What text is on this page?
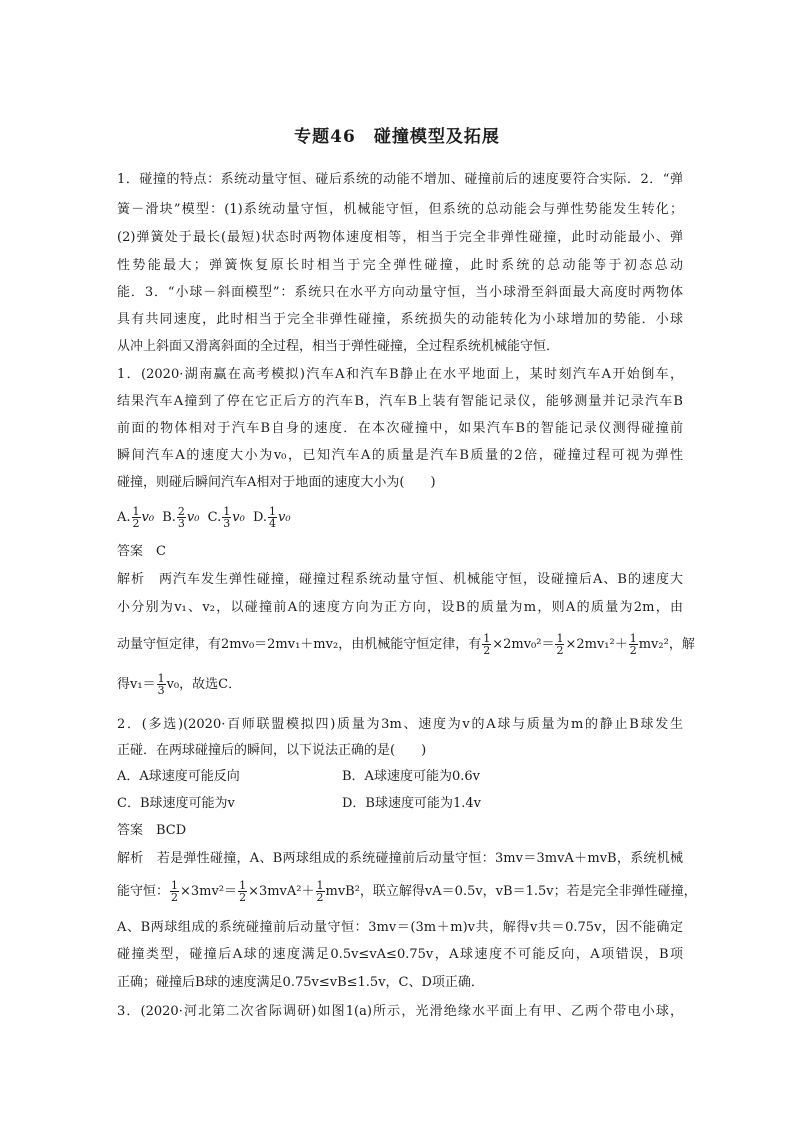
专题46　碰撞模型及拓展
1．碰撞的特点：系统动量守恒、碰后系统的动能不增加、碰撞前后的速度要符合实际．2．“弹
簧－滑块”模型：(1)系统动量守恒，机械能守恒，但系统的总动能会与弹性势能发生转化；
(2)弹簧处于最长(最短)状态时两物体速度相等，相当于完全非弹性碰撞，此时动能最小、弹
性势能最大；弹簧恢复原长时相当于完全弹性碰撞，此时系统的总动能等于初态总动
能．3．“小球－斜面模型”：系统只在水平方向动量守恒，当小球滑至斜面最大高度时两物体
具有共同速度，此时相当于完全非弹性碰撞，系统损失的动能转化为小球增加的势能．小球
从冲上斜面又滑离斜面的全过程，相当于弹性碰撞，全过程系统机械能守恒．
1．(2020·湖南赢在高考模拟)汽车A和汽车B静止在水平地面上，某时刻汽车A开始倒车，
结果汽车A撞到了停在它正后方的汽车B，汽车B上装有智能记录仪，能够测量并记录汽车B
前面的物体相对于汽车B自身的速度．在本次碰撞中，如果汽车B的智能记录仪测得碰撞前
瞬间汽车A的速度大小为v₀，已知汽车A的质量是汽车B质量的2倍，碰撞过程可视为弹性
碰撞，则碰后瞬间汽车A相对于地面的速度大小为(　　)
A. $\frac{1}{2} v_0$ B. $\frac{2}{3} v_0$ C. $\frac{1}{3} v_0$ D. $\frac{1}{4} v_0$
答案　C
解析　两汽车发生弹性碰撞，碰撞过程系统动量守恒、机械能守恒，设碰撞后A、B的速度大
小分别为v₁、v₂，以碰撞前A的速度方向为正方向，设B的质量为m，则A的质量为2m，由
动量守恒定律，有2mv₀＝2mv₁＋mv₂，由机械能守恒定律，有 $\frac{1}{2} \times 2mv_0^2= \frac{1}{2} \times 2mv_1^2+ \frac{1}{2} mv_2^2$，解
得$v_1= \frac{1}{3} v_0$，故选C．
2．(多选)(2020·百师联盟模拟四)质量为3m、速度为v的A球与质量为m的静止B球发生
正碰．在两球碰撞后的瞬间，以下说法正确的是(　　)
A．A球速度可能反向	B．A球速度可能为0.6v
C．B球速度可能为v	D．B球速度可能为1.4v
答案　BCD
解析　若是弹性碰撞，A、B两球组成的系统碰撞前后动量守恒：3mv＝3mvA＋mvB，系统机械
能守恒： $\frac{1}{2} \times 3mv^2= \frac{1}{2} \times 3mvA^2+ \frac{1}{2} mvB^2$，联立解得vA＝0.5v，vB＝1.5v；若是完全非弹性碰撞，
A、B两球组成的系统碰撞前后动量守恒：3mv＝(3m＋m)v共，解得v共＝0.75v，因不能确定
碰撞类型，碰撞后A球的速度满足0.5v≤vA≤0.75v，A球速度不可能反向，A项错误，B项
正确；碰撞后B球的速度满足0.75v≤vB≤1.5v，C、D项正确．
3．(2020·河北第二次省际调研)如图1(a)所示，光滑绝缘水平面上有甲、乙两个带电小球，
